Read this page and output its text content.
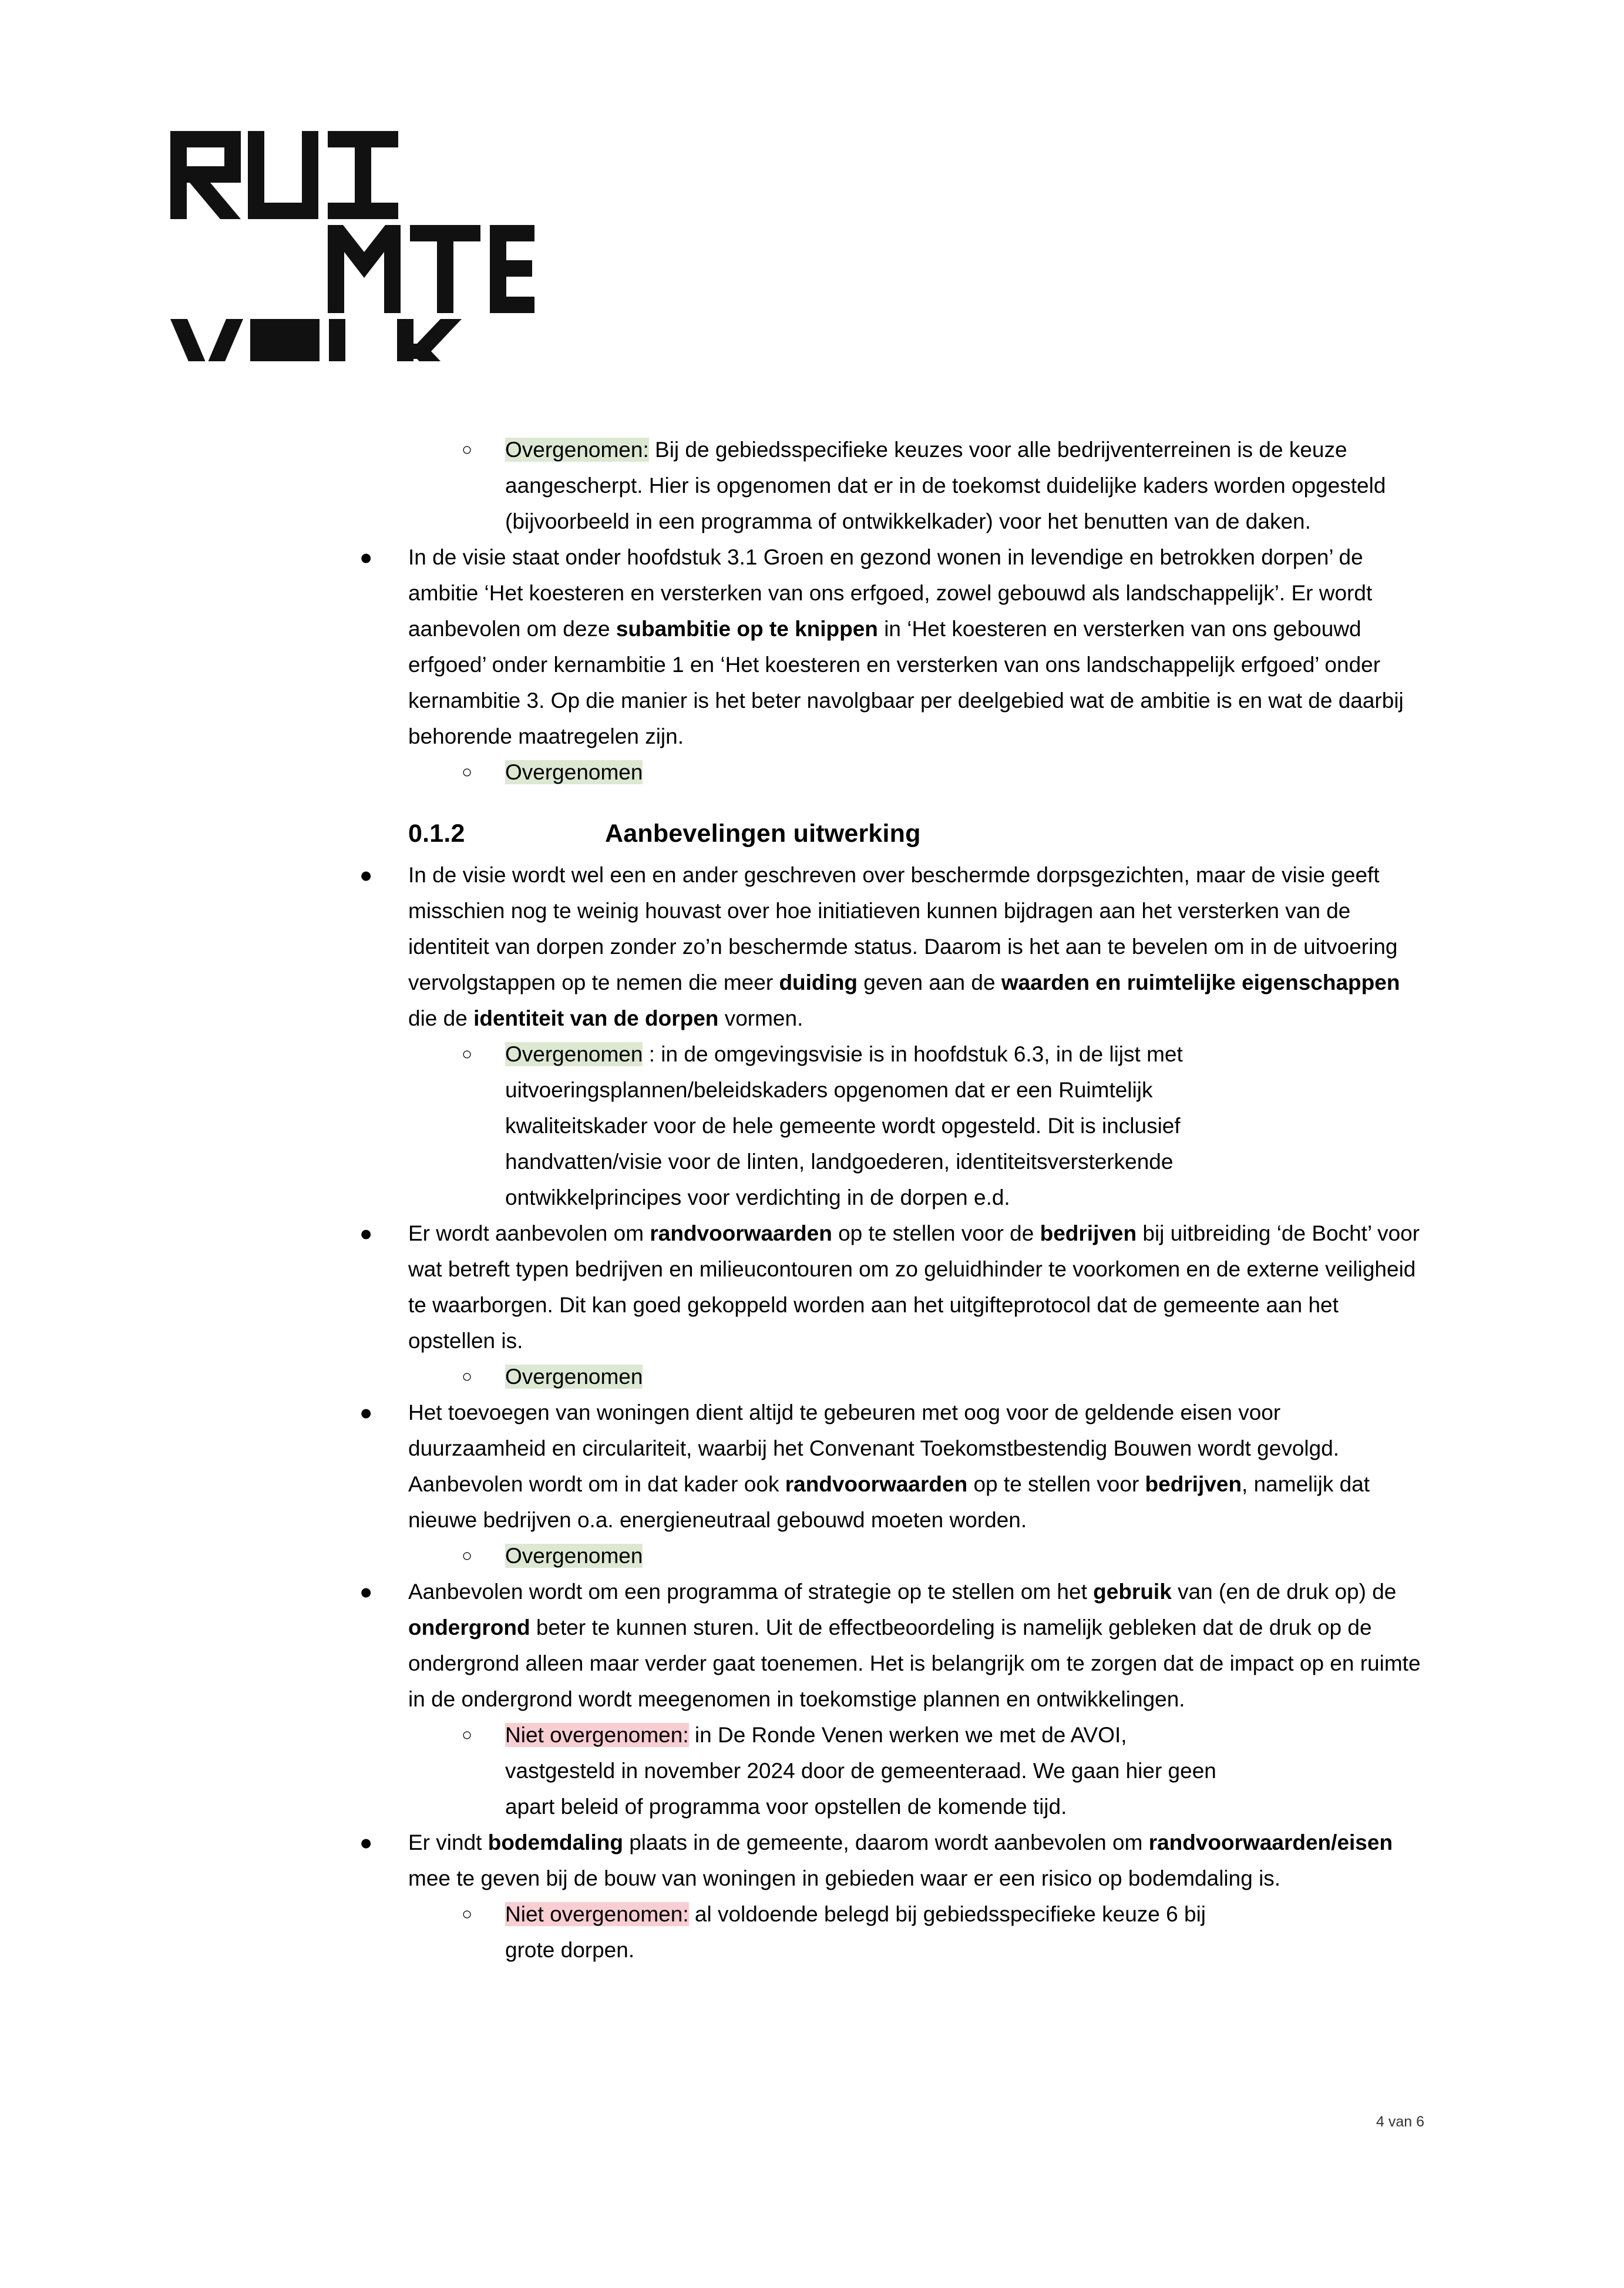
○	Overgenomen: Bij de gebiedsspecifieke keuzes voor alle bedrijventerreinen is de keuze aangescherpt. Hier is opgenomen dat er in de toekomst duidelijke kaders worden opgesteld (bijvoorbeeld in een programma of ontwikkelkader) voor het benutten van de daken.
● In de visie staat onder hoofdstuk 3.1 Groen en gezond wonen in levendige en betrokken dorpen’ de ambitie ‘Het koesteren en versterken van ons erfgoed, zowel gebouwd als landschappelijk’. Er wordt aanbevolen om deze subambitie op te knippen in ‘Het koesteren en versterken van ons gebouwd erfgoed’ onder kernambitie 1 en ‘Het koesteren en versterken van ons landschappelijk erfgoed’ onder kernambitie 3. Op die manier is het beter navolgbaar per deelgebied wat de ambitie is en wat de daarbij behorende maatregelen zijn.
○	Overgenomen
0.1.2	Aanbevelingen uitwerking
● In de visie wordt wel een en ander geschreven over beschermde dorpsgezichten, maar de visie geeft misschien nog te weinig houvast over hoe initiatieven kunnen bijdragen aan het versterken van de identiteit van dorpen zonder zo’n beschermde status. Daarom is het aan te bevelen om in de uitvoering vervolgstappen op te nemen die meer duiding geven aan de waarden en ruimtelijke eigenschappen die de identiteit van de dorpen vormen.
○	Overgenomen : in de omgevingsvisie is in hoofdstuk 6.3, in de lijst met uitvoeringsplannen/beleidskaders opgenomen dat er een Ruimtelijk kwaliteitskader voor de hele gemeente wordt opgesteld. Dit is inclusief handvatten/visie voor de linten, landgoederen, identiteitsversterkende ontwikkelprincipes voor verdichting in de dorpen e.d.
● Er wordt aanbevolen om randvoorwaarden op te stellen voor de bedrijven bij uitbreiding ‘de Bocht’ voor wat betreft typen bedrijven en milieucontouren om zo geluidhinder te voorkomen en de externe veiligheid te waarborgen. Dit kan goed gekoppeld worden aan het uitgifteprotocol dat de gemeente aan het opstellen is.
○	Overgenomen
● Het toevoegen van woningen dient altijd te gebeuren met oog voor de geldende eisen voor duurzaamheid en circulariteit, waarbij het Convenant Toekomstbestendig Bouwen wordt gevolgd. Aanbevolen wordt om in dat kader ook randvoorwaarden op te stellen voor bedrijven, namelijk dat nieuwe bedrijven o.a. energieneutraal gebouwd moeten worden.
○	Overgenomen
● Aanbevolen wordt om een programma of strategie op te stellen om het gebruik van (en de druk op) de ondergrond beter te kunnen sturen. Uit de effectbeoordeling is namelijk gebleken dat de druk op de ondergrond alleen maar verder gaat toenemen. Het is belangrijk om te zorgen dat de impact op en ruimte in de ondergrond wordt meegenomen in toekomstige plannen en ontwikkelingen.
○	Niet overgenomen: in De Ronde Venen werken we met de AVOI, vastgesteld in november 2024 door de gemeenteraad. We gaan hier geen apart beleid of programma voor opstellen de komende tijd.
● Er vindt bodemdaling plaats in de gemeente, daarom wordt aanbevolen om randvoorwaarden/eisen mee te geven bij de bouw van woningen in gebieden waar er een risico op bodemdaling is.
○	Niet overgenomen: al voldoende belegd bij gebiedsspecifieke keuze 6 bij grote dorpen.
4 van 6
